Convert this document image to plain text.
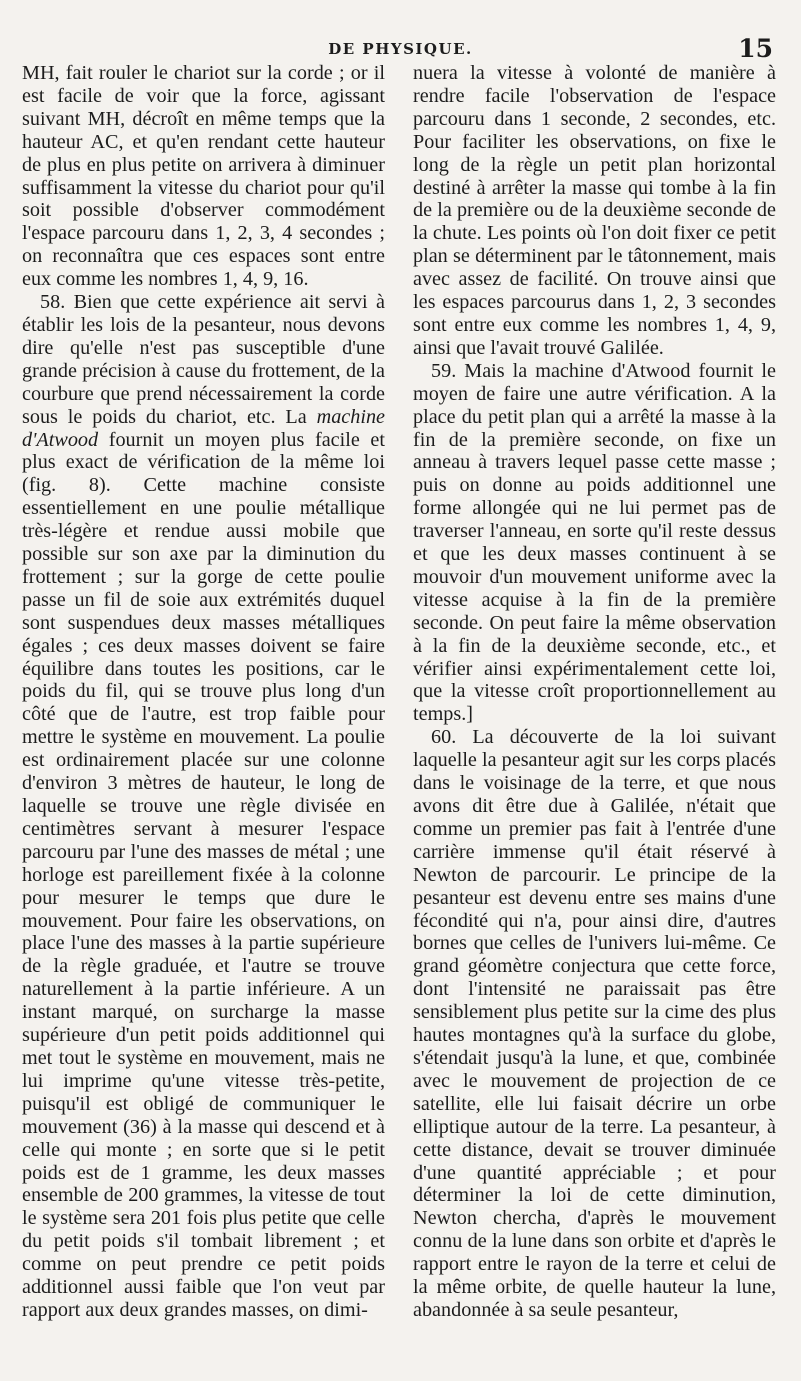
DE PHYSIQUE.	15

MH, fait rouler le chariot sur la corde ; or il est facile de voir que la force, agissant suivant MH, décroît en même temps que la hauteur AC, et qu'en rendant cette hauteur de plus en plus petite on arrivera à diminuer suffisamment la vitesse du chariot pour qu'il soit possible d'observer commodément l'espace parcouru dans 1, 2, 3, 4 secondes ; on reconnaîtra que ces espaces sont entre eux comme les nombres 1, 4, 9, 16.

58. Bien que cette expérience ait servi à établir les lois de la pesanteur, nous devons dire qu'elle n'est pas susceptible d'une grande précision à cause du frottement, de la courbure que prend nécessairement la corde sous le poids du chariot, etc. La machine d'Atwood fournit un moyen plus facile et plus exact de vérification de la même loi (fig. 8). Cette machine consiste essentiellement en une poulie métallique très-légère et rendue aussi mobile que possible sur son axe par la diminution du frottement ; sur la gorge de cette poulie passe un fil de soie aux extrémités duquel sont suspendues deux masses métalliques égales ; ces deux masses doivent se faire équilibre dans toutes les positions, car le poids du fil, qui se trouve plus long d'un côté que de l'autre, est trop faible pour mettre le système en mouvement. La poulie est ordinairement placée sur une colonne d'environ 3 mètres de hauteur, le long de laquelle se trouve une règle divisée en centimètres servant à mesurer l'espace parcouru par l'une des masses de métal ; une horloge est pareillement fixée à la colonne pour mesurer le temps que dure le mouvement. Pour faire les observations, on place l'une des masses à la partie supérieure de la règle graduée, et l'autre se trouve naturellement à la partie inférieure. A un instant marqué, on surcharge la masse supérieure d'un petit poids additionnel qui met tout le système en mouvement, mais ne lui imprime qu'une vitesse très-petite, puisqu'il est obligé de communiquer le mouvement (36) à la masse qui descend et à celle qui monte ; en sorte que si le petit poids est de 1 gramme, les deux masses ensemble de 200 grammes, la vitesse de tout le système sera 201 fois plus petite que celle du petit poids s'il tombait librement ; et comme on peut prendre ce petit poids additionnel aussi faible que l'on veut par rapport aux deux grandes masses, on dimi-

nuera la vitesse à volonté de manière à rendre facile l'observation de l'espace parcouru dans 1 seconde, 2 secondes, etc. Pour faciliter les observations, on fixe le long de la règle un petit plan horizontal destiné à arrêter la masse qui tombe à la fin de la première ou de la deuxième seconde de la chute. Les points où l'on doit fixer ce petit plan se déterminent par le tâtonnement, mais avec assez de facilité. On trouve ainsi que les espaces parcourus dans 1, 2, 3 secondes sont entre eux comme les nombres 1, 4, 9, ainsi que l'avait trouvé Galilée.

59. Mais la machine d'Atwood fournit le moyen de faire une autre vérification. A la place du petit plan qui a arrêté la masse à la fin de la première seconde, on fixe un anneau à travers lequel passe cette masse ; puis on donne au poids additionnel une forme allongée qui ne lui permet pas de traverser l'anneau, en sorte qu'il reste dessus et que les deux masses continuent à se mouvoir d'un mouvement uniforme avec la vitesse acquise à la fin de la première seconde. On peut faire la même observation à la fin de la deuxième seconde, etc., et vérifier ainsi expérimentalement cette loi, que la vitesse croît proportionnellement au temps.]

60. La découverte de la loi suivant laquelle la pesanteur agit sur les corps placés dans le voisinage de la terre, et que nous avons dit être due à Galilée, n'était que comme un premier pas fait à l'entrée d'une carrière immense qu'il était réservé à Newton de parcourir. Le principe de la pesanteur est devenu entre ses mains d'une fécondité qui n'a, pour ainsi dire, d'autres bornes que celles de l'univers lui-même. Ce grand géomètre conjectura que cette force, dont l'intensité ne paraissait pas être sensiblement plus petite sur la cime des plus hautes montagnes qu'à la surface du globe, s'étendait jusqu'à la lune, et que, combinée avec le mouvement de projection de ce satellite, elle lui faisait décrire un orbe elliptique autour de la terre. La pesanteur, à cette distance, devait se trouver diminuée d'une quantité appréciable ; et pour déterminer la loi de cette diminution, Newton chercha, d'après le mouvement connu de la lune dans son orbite et d'après le rapport entre le rayon de la terre et celui de la même orbite, de quelle hauteur la lune, abandonnée à sa seule pesanteur,
